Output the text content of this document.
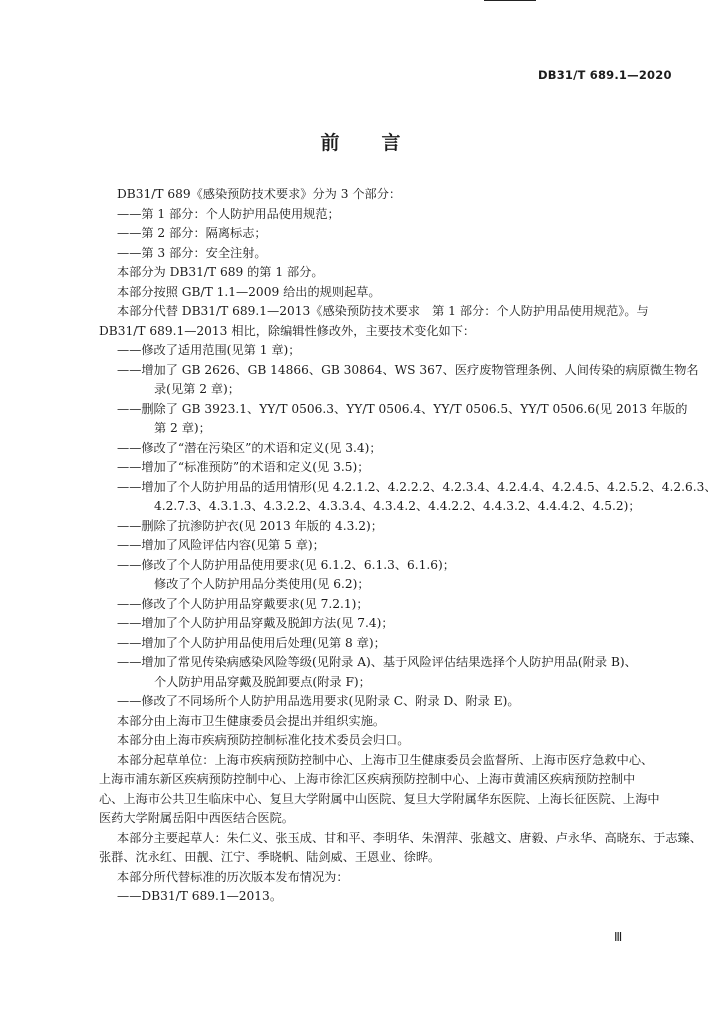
DB31/T 689.1—2020
前 言
DB31/T 689《感染预防技术要求》分为 3 个部分：
——第 1 部分：个人防护用品使用规范；
——第 2 部分：隔离标志；
——第 3 部分：安全注射。
本部分为 DB31/T 689 的第 1 部分。
本部分按照 GB/T 1.1—2009 给出的规则起草。
本部分代替 DB31/T 689.1—2013《感染预防技术要求　第 1 部分：个人防护用品使用规范》。与
DB31/T 689.1—2013 相比，除编辑性修改外，主要技术变化如下：
——修改了适用范围(见第 1 章)；
——增加了 GB 2626、GB 14866、GB 30864、WS 367、医疗废物管理条例、人间传染的病原微生物名
录(见第 2 章)；
——删除了 GB 3923.1、YY/T 0506.3、YY/T 0506.4、YY/T 0506.5、YY/T 0506.6(见 2013 年版的
第 2 章)；
——修改了“潜在污染区”的术语和定义(见 3.4)；
——增加了“标准预防”的术语和定义(见 3.5)；
——增加了个人防护用品的适用情形(见 4.2.1.2、4.2.2.2、4.2.3.4、4.2.4.4、4.2.4.5、4.2.5.2、4.2.6.3、
4.2.7.3、4.3.1.3、4.3.2.2、4.3.3.4、4.3.4.2、4.4.2.2、4.4.3.2、4.4.4.2、4.5.2)；
——删除了抗渗防护衣(见 2013 年版的 4.3.2)；
——增加了风险评估内容(见第 5 章)；
——修改了个人防护用品使用要求(见 6.1.2、6.1.3、6.1.6)；
修改了个人防护用品分类使用(见 6.2)；
——修改了个人防护用品穿戴要求(见 7.2.1)；
——增加了个人防护用品穿戴及脱卸方法(见 7.4)；
——增加了个人防护用品使用后处理(见第 8 章)；
——增加了常见传染病感染风险等级(见附录 A)、基于风险评估结果选择个人防护用品(附录 B)、
个人防护用品穿戴及脱卸要点(附录 F)；
——修改了不同场所个人防护用品选用要求(见附录 C、附录 D、附录 E)。
本部分由上海市卫生健康委员会提出并组织实施。
本部分由上海市疾病预防控制标准化技术委员会归口。
本部分起草单位：上海市疾病预防控制中心、上海市卫生健康委员会监督所、上海市医疗急救中心、
上海市浦东新区疾病预防控制中心、上海市徐汇区疾病预防控制中心、上海市黄浦区疾病预防控制中
心、上海市公共卫生临床中心、复旦大学附属中山医院、复旦大学附属华东医院、上海长征医院、上海中
医药大学附属岳阳中西医结合医院。
本部分主要起草人：朱仁义、张玉成、甘和平、李明华、朱渭萍、张越文、唐毅、卢永华、高晓东、于志臻、
张群、沈永红、田靓、江宁、季晓帆、陆剑威、王恩业、徐晔。
本部分所代替标准的历次版本发布情况为：
——DB31/T 689.1—2013。
Ⅲ
